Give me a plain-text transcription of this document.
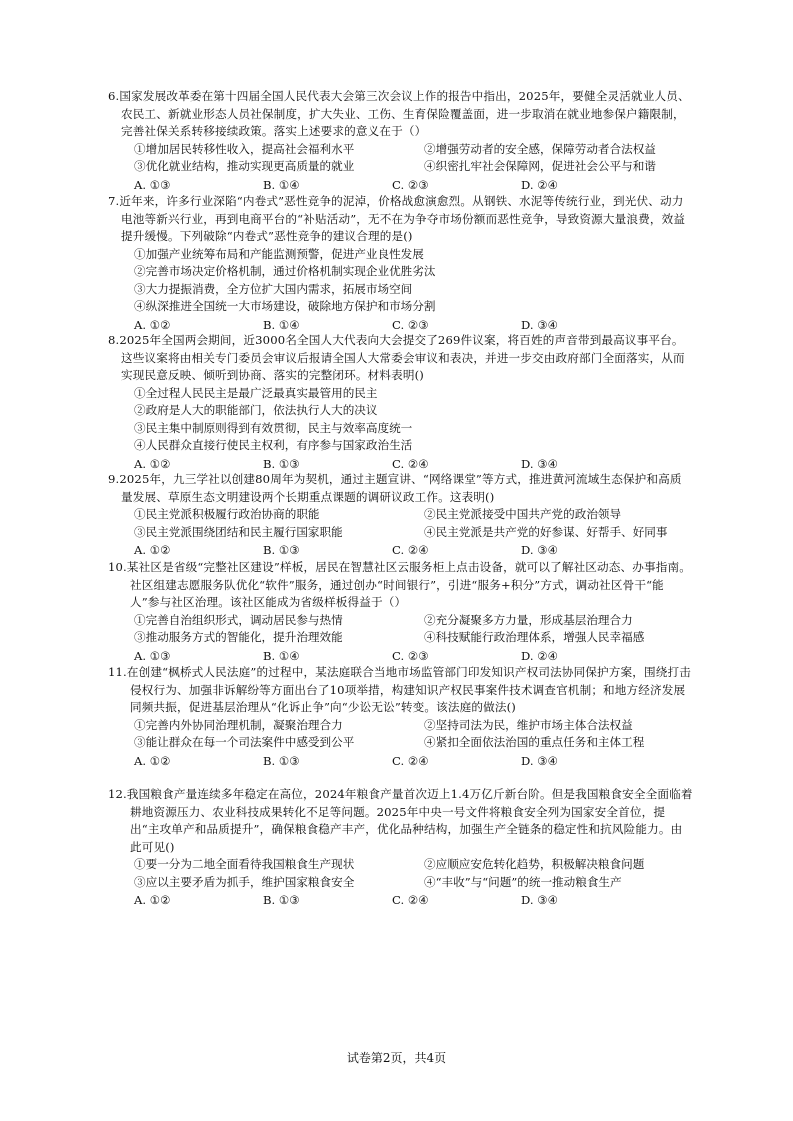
6.国家发展改革委在第十四届全国人民代表大会第三次会议上作的报告中指出，2025年，要健全灵活就业人员、农民工、新就业形态人员社保制度，扩大失业、工伤、生育保险覆盖面，进一步取消在就业地参保户籍限制，完善社保关系转移接续政策。落实上述要求的意义在于（）
①增加居民转移性收入，提高社会福利水平	②增强劳动者的安全感，保障劳动者合法权益
③优化就业结构，推动实现更高质量的就业	④织密扎牢社会保障网，促进社会公平与和谐
A. ①③	B. ①④	C. ②③	D. ②④
7.近年来，许多行业深陷“内卷式”恶性竞争的泥淖，价格战愈演愈烈。从钢铁、水泥等传统行业，到光伏、动力电池等新兴行业，再到电商平台的“补贴活动”，无不在为争夺市场份额而恶性竞争，导致资源大量浪费，效益提升缓慢。下列破除“内卷式”恶性竞争的建议合理的是()
①加强产业统筹布局和产能监测预警，促进产业良性发展
②完善市场决定价格机制，通过价格机制实现企业优胜劣汰
③大力提振消费，全方位扩大国内需求，拓展市场空间
④纵深推进全国统一大市场建设，破除地方保护和市场分割
A. ①②	B. ①④	C. ②③	D. ③④
8.2025年全国两会期间，近3000名全国人大代表向大会提交了269件议案，将百姓的声音带到最高议事平台。这些议案将由相关专门委员会审议后报请全国人大常委会审议和表决，并进一步交由政府部门全面落实，从而实现民意反映、倾听到协商、落实的完整闭环。材料表明()
①全过程人民民主是最广泛最真实最管用的民主
②政府是人大的职能部门，依法执行人大的决议
③民主集中制原则得到有效贯彻，民主与效率高度统一
④人民群众直接行使民主权利，有序参与国家政治生活
A. ①②	B. ①③	C. ②④	D. ③④
9.2025年，九三学社以创建80周年为契机，通过主题宣讲、“网络课堂”等方式，推进黄河流域生态保护和高质量发展、草原生态文明建设两个长期重点课题的调研议政工作。这表明()
①民主党派积极履行政治协商的职能	②民主党派接受中国共产党的政治领导
③民主党派围绕团结和民主履行国家职能	④民主党派是共产党的好参谋、好帮手、好同事
A. ①②	B. ①③	C. ②④	D. ③④
10.某社区是省级“完整社区建设”样板，居民在智慧社区云服务柜上点击设备，就可以了解社区动态、办事指南。社区组建志愿服务队优化“软件”服务，通过创办“时间银行”，引进“服务+积分”方式，调动社区骨干“能人”参与社区治理。该社区能成为省级样板得益于（）
①完善自治组织形式，调动居民参与热情	②充分凝聚多方力量，形成基层治理合力
③推动服务方式的智能化，提升治理效能	④科技赋能行政治理体系，增强人民幸福感
A. ①③	B. ①④	C. ②③	D. ②④
11.在创建“枫桥式人民法庭”的过程中，某法庭联合当地市场监管部门印发知识产权司法协同保护方案，围绕打击侵权行为、加强非诉解纷等方面出台了10项举措，构建知识产权民事案件技术调查官机制；和地方经济发展同频共振，促进基层治理从“化诉止争”向“少讼无讼”转变。该法庭的做法()
①完善内外协同治理机制，凝聚治理合力	②坚持司法为民，维护市场主体合法权益
③能让群众在每一个司法案件中感受到公平	④紧扣全面依法治国的重点任务和主体工程
A. ①②	B. ①③	C. ②④	D. ③④
12.我国粮食产量连续多年稳定在高位，2024年粮食产量首次迈上1.4万亿斤新台阶。但是我国粮食安全全面临着耕地资源压力、农业科技成果转化不足等问题。2025年中央一号文件将粮食安全列为国家安全首位，提出“主攻单产和品质提升”，确保粮食稳产丰产，优化品种结构，加强生产全链条的稳定性和抗风险能力。由此可见()
①要一分为二地全面看待我国粮食生产现状	②应顺应安危转化趋势，积极解决粮食问题
③应以主要矛盾为抓手，维护国家粮食安全	④“丰收”与“问题”的统一推动粮食生产
A. ①②	B. ①③	C. ②④	D. ③④
试卷第2页，共4页
